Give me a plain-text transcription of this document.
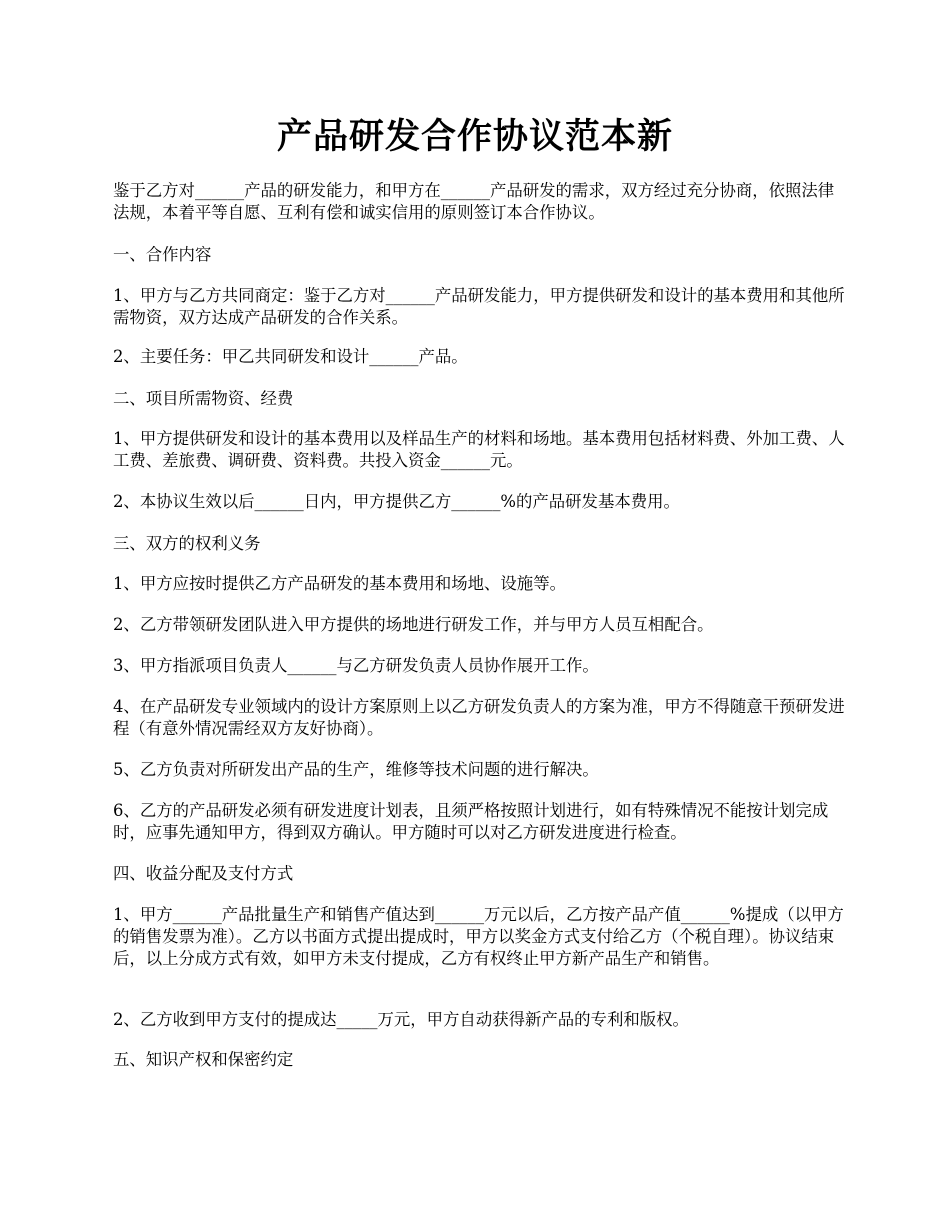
产品研发合作协议范本新

鉴于乙方对______产品的研发能力，和甲方在______产品研发的需求，双方经过充分协商，依照法律法规，本着平等自愿、互利有偿和诚实信用的原则签订本合作协议。

一、合作内容

1、甲方与乙方共同商定：鉴于乙方对______产品研发能力，甲方提供研发和设计的基本费用和其他所需物资，双方达成产品研发的合作关系。

2、主要任务：甲乙共同研发和设计______产品。

二、项目所需物资、经费

1、甲方提供研发和设计的基本费用以及样品生产的材料和场地。基本费用包括材料费、外加工费、人工费、差旅费、调研费、资料费。共投入资金______元。

2、本协议生效以后______日内，甲方提供乙方______%的产品研发基本费用。

三、双方的权利义务

1、甲方应按时提供乙方产品研发的基本费用和场地、设施等。

2、乙方带领研发团队进入甲方提供的场地进行研发工作，并与甲方人员互相配合。

3、甲方指派项目负责人______与乙方研发负责人员协作展开工作。

4、在产品研发专业领域内的设计方案原则上以乙方研发负责人的方案为准，甲方不得随意干预研发进程（有意外情况需经双方友好协商）。

5、乙方负责对所研发出产品的生产，维修等技术问题的进行解决。

6、乙方的产品研发必须有研发进度计划表，且须严格按照计划进行，如有特殊情况不能按计划完成时，应事先通知甲方，得到双方确认。甲方随时可以对乙方研发进度进行检查。

四、收益分配及支付方式

1、甲方______产品批量生产和销售产值达到______万元以后，乙方按产品产值______%提成（以甲方的销售发票为准）。乙方以书面方式提出提成时，甲方以奖金方式支付给乙方（个税自理）。协议结束后，以上分成方式有效，如甲方未支付提成，乙方有权终止甲方新产品生产和销售。

2、乙方收到甲方支付的提成达_____万元，甲方自动获得新产品的专利和版权。

五、知识产权和保密约定
